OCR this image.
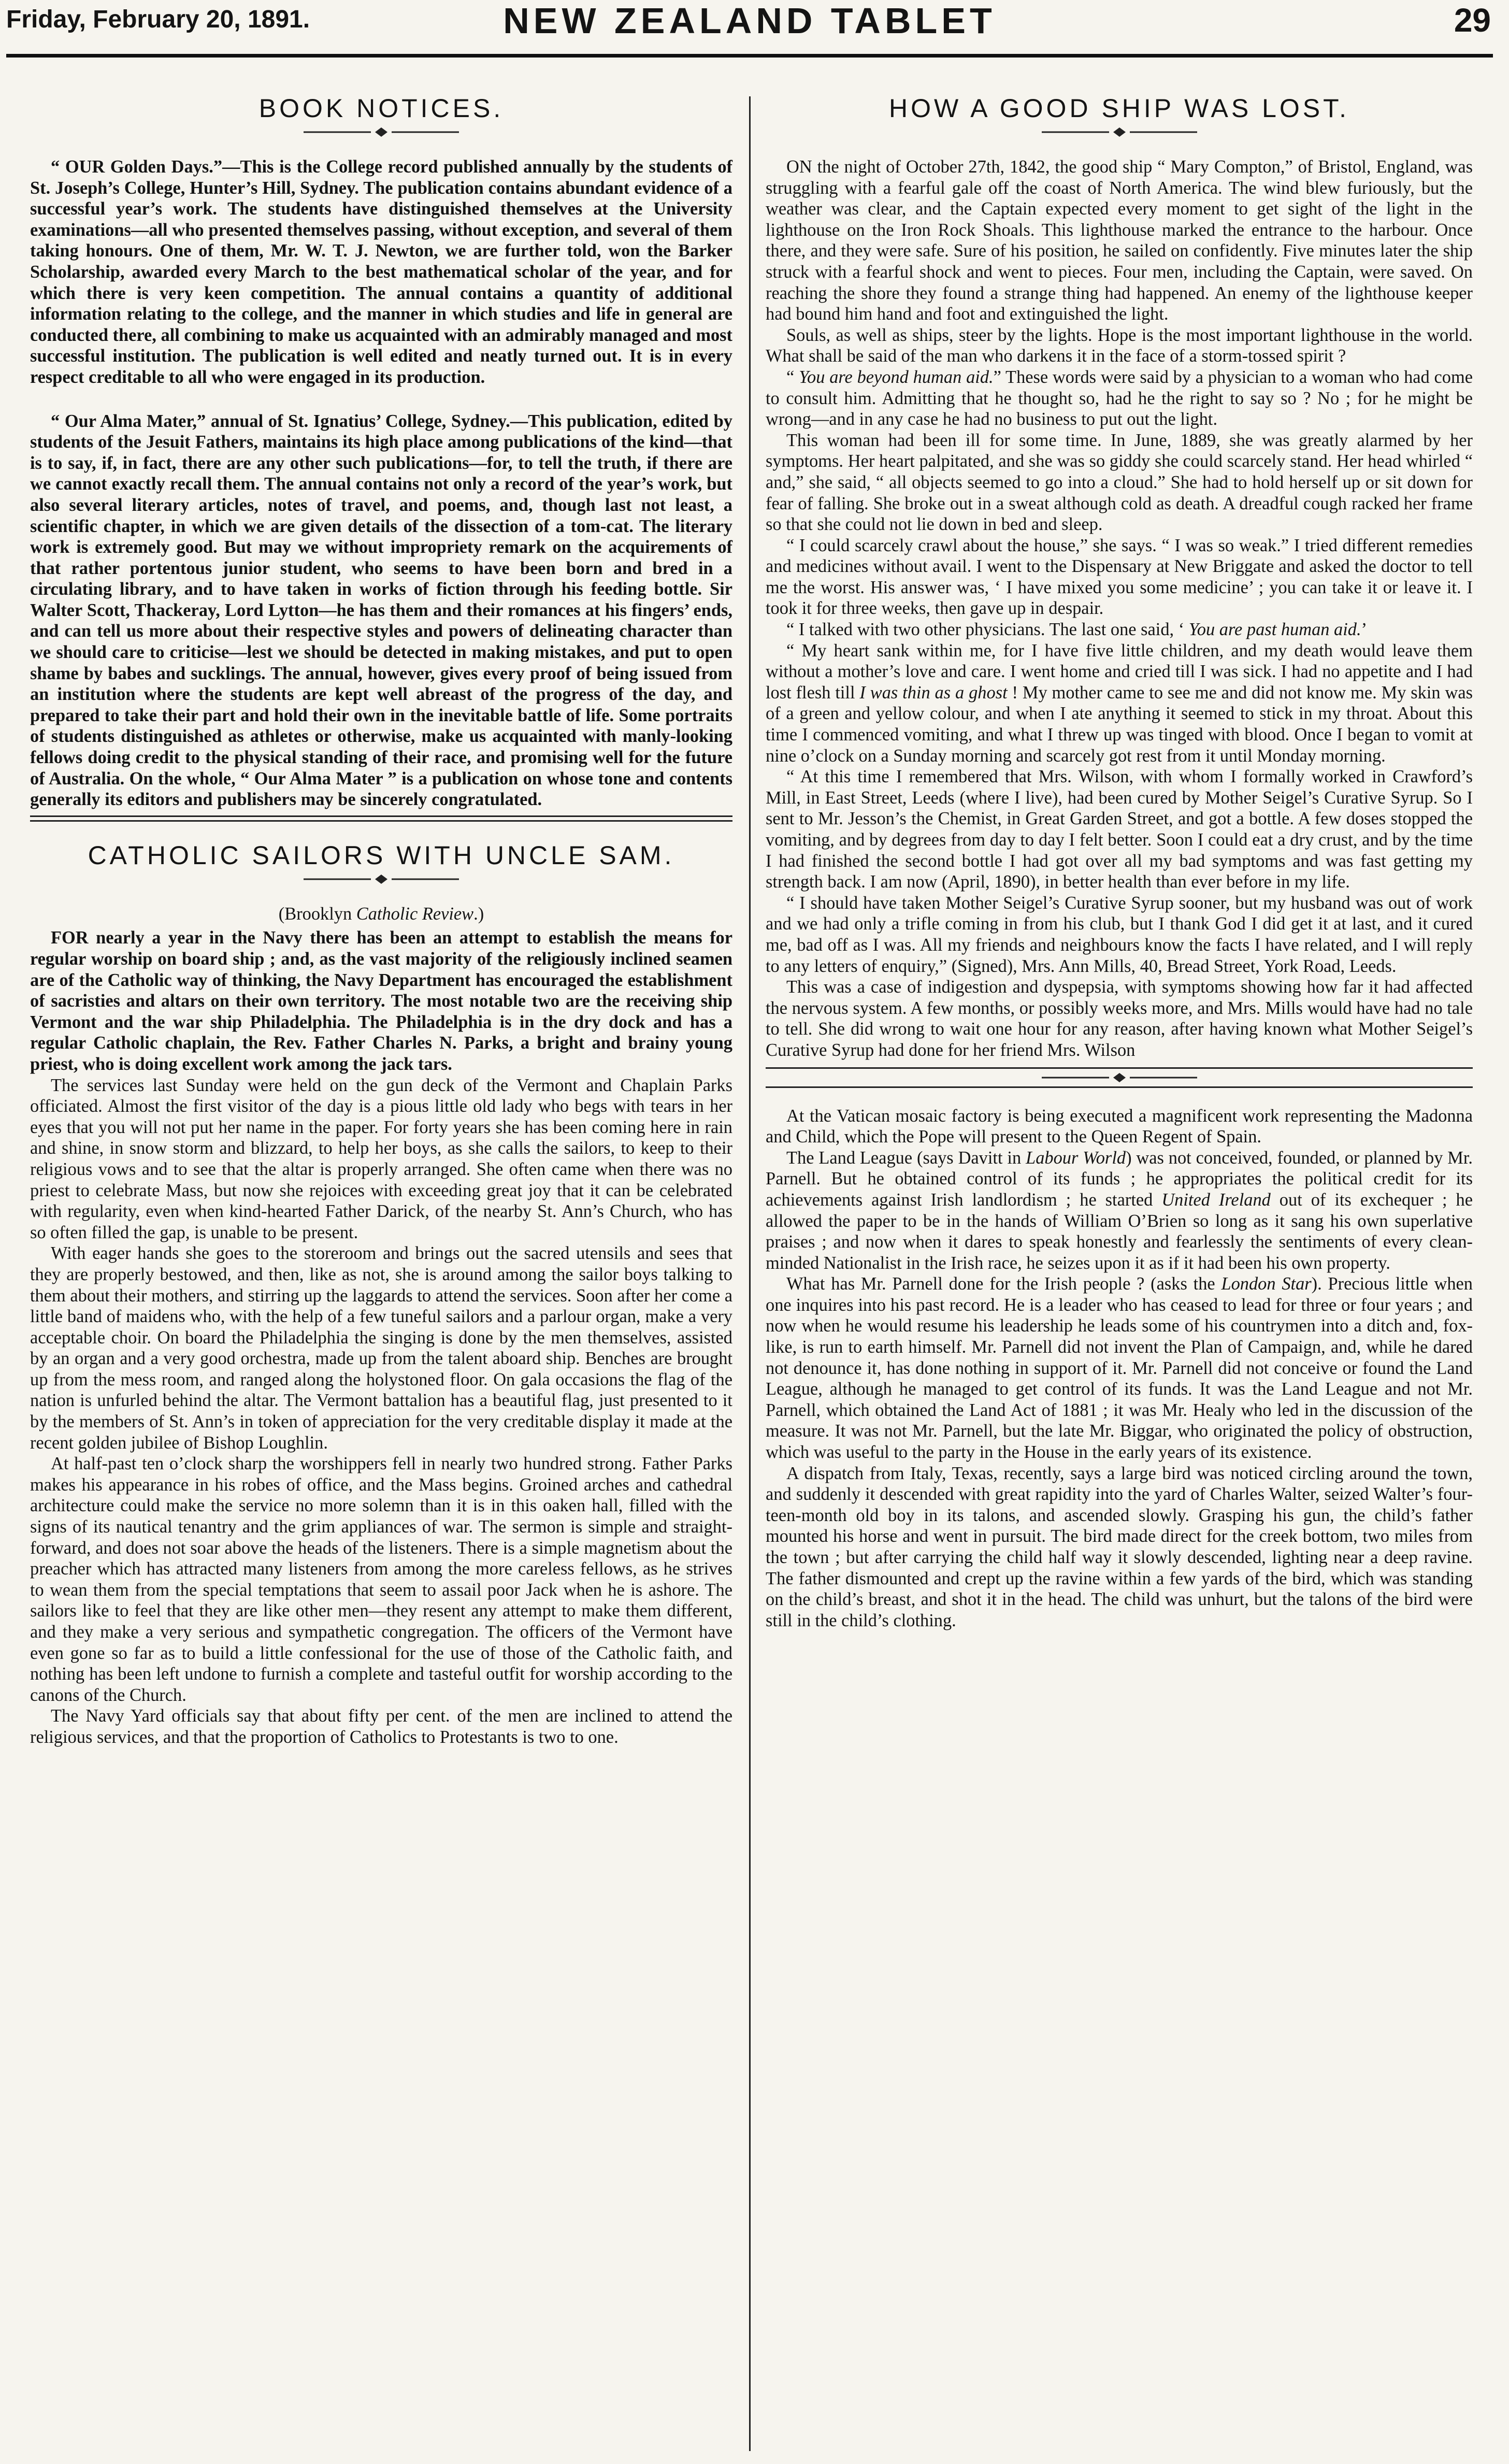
Friday, February 20, 1891.	NEW ZEALAND TABLET	29
BOOK NOTICES.

“ OUR Golden Days.”—This is the College record published annually by the students of St. Joseph’s College, Hunter’s Hill, Sydney. The publication contains abundant evidence of a successful year’s work. The students have distinguished themselves at the University examinations—all who presented themselves passing, without exception, and several of them taking honours. One of them, Mr. W. T. J. Newton, we are further told, won the Barker Scholarship, awarded every March to the best mathematical scholar of the year, and for which there is very keen competition. The annual contains a quantity of additional information relating to the college, and the manner in which studies and life in general are conducted there, all combining to make us acquainted with an admirably managed and most successful institution. The publication is well edited and neatly turned out. It is in every respect creditable to all who were engaged in its production.

“ Our Alma Mater,” annual of St. Ignatius’ College, Sydney.—This publication, edited by students of the Jesuit Fathers, maintains its high place among publications of the kind—that is to say, if, in fact, there are any other such publications—for, to tell the truth, if there are we cannot exactly recall them. The annual contains not only a record of the year’s work, but also several literary articles, notes of travel, and poems, and, though last not least, a scientific chapter, in which we are given details of the dissection of a tom-cat. The literary work is extremely good. But may we without impropriety remark on the acquirements of that rather portentous junior student, who seems to have been born and bred in a circulating library, and to have taken in works of fiction through his feeding bottle. Sir Walter Scott, Thackeray, Lord Lytton—he has them and their romances at his fingers’ ends, and can tell us more about their respective styles and powers of delineating character than we should care to criticise—lest we should be detected in making mistakes, and put to open shame by babes and sucklings. The annual, however, gives every proof of being issued from an institution where the students are kept well abreast of the progress of the day, and prepared to take their part and hold their own in the inevitable battle of life. Some portraits of students distinguished as athletes or otherwise, make us acquainted with manly-looking fellows doing credit to the physical standing of their race, and promising well for the future of Australia. On the whole, “ Our Alma Mater ” is a publication on whose tone and contents generally its editors and publishers may be sincerely congratulated.

CATHOLIC SAILORS WITH UNCLE SAM.

(Brooklyn Catholic Review.)

FOR nearly a year in the Navy there has been an attempt to establish the means for regular worship on board ship ; and, as the vast majority of the religiously inclined seamen are of the Catholic way of thinking, the Navy Department has encouraged the establishment of sacristies and altars on their own territory. The most notable two are the receiving ship Vermont and the war ship Philadelphia. The Philadelphia is in the dry dock and has a regular Catholic chaplain, the Rev. Father Charles N. Parks, a bright and brainy young priest, who is doing excellent work among the jack tars.

The services last Sunday were held on the gun deck of the Vermont and Chaplain Parks officiated. Almost the first visitor of the day is a pious little old lady who begs with tears in her eyes that you will not put her name in the paper. For forty years she has been coming here in rain and shine, in snow storm and blizzard, to help her boys, as she calls the sailors, to keep to their religious vows and to see that the altar is properly arranged. She often came when there was no priest to celebrate Mass, but now she rejoices with exceeding great joy that it can be celebrated with regularity, even when kind-hearted Father Darick, of the nearby St. Ann’s Church, who has so often filled the gap, is unable to be present.

With eager hands she goes to the storeroom and brings out the sacred utensils and sees that they are properly bestowed, and then, like as not, she is around among the sailor boys talking to them about their mothers, and stirring up the laggards to attend the services. Soon after her come a little band of maidens who, with the help of a few tuneful sailors and a parlour organ, make a very acceptable choir. On board the Philadelphia the singing is done by the men themselves, assisted by an organ and a very good orchestra, made up from the talent aboard ship. Benches are brought up from the mess room, and ranged along the holystoned floor. On gala occasions the flag of the nation is unfurled behind the altar. The Vermont battalion has a beautiful flag, just presented to it by the members of St. Ann’s in token of appreciation for the very creditable display it made at the recent golden jubilee of Bishop Loughlin.

At half-past ten o’clock sharp the worshippers fell in nearly two hundred strong. Father Parks makes his appearance in his robes of office, and the Mass begins. Groined arches and cathedral architecture could make the service no more solemn than it is in this oaken hall, filled with the signs of its nautical tenantry and the grim appliances of war. The sermon is simple and straight-forward, and does not soar above the heads of the listeners. There is a simple magnetism about the preacher which has attracted many listeners from among the more careless fellows, as he strives to wean them from the special temptations that seem to assail poor Jack when he is ashore. The sailors like to feel that they are like other men—they resent any attempt to make them different, and they make a very serious and sympathetic congregation. The officers of the Vermont have even gone so far as to build a little confessional for the use of those of the Catholic faith, and nothing has been left undone to furnish a complete and tasteful outfit for worship according to the canons of the Church.

The Navy Yard officials say that about fifty per cent. of the men are inclined to attend the religious services, and that the proportion of Catholics to Protestants is two to one.

HOW A GOOD SHIP WAS LOST.

ON the night of October 27th, 1842, the good ship “ Mary Compton,” of Bristol, England, was struggling with a fearful gale off the coast of North America. The wind blew furiously, but the weather was clear, and the Captain expected every moment to get sight of the light in the lighthouse on the Iron Rock Shoals. This lighthouse marked the entrance to the harbour. Once there, and they were safe. Sure of his position, he sailed on confidently. Five minutes later the ship struck with a fearful shock and went to pieces. Four men, including the Captain, were saved. On reaching the shore they found a strange thing had happened. An enemy of the lighthouse keeper had bound him hand and foot and extinguished the light.

Souls, as well as ships, steer by the lights. Hope is the most important lighthouse in the world. What shall be said of the man who darkens it in the face of a storm-tossed spirit ?

“ You are beyond human aid.” These words were said by a physician to a woman who had come to consult him. Admitting that he thought so, had he the right to say so ? No ; for he might be wrong—and in any case he had no business to put out the light.

This woman had been ill for some time. In June, 1889, she was greatly alarmed by her symptoms. Her heart palpitated, and she was so giddy she could scarcely stand. Her head whirled “ and,” she said, “ all objects seemed to go into a cloud.” She had to hold herself up or sit down for fear of falling. She broke out in a sweat although cold as death. A dreadful cough racked her frame so that she could not lie down in bed and sleep.

“ I could scarcely crawl about the house,” she says. “ I was so weak.” I tried different remedies and medicines without avail. I went to the Dispensary at New Briggate and asked the doctor to tell me the worst. His answer was, ‘ I have mixed you some medicine’ ; you can take it or leave it. I took it for three weeks, then gave up in despair.

“ I talked with two other physicians. The last one said, ‘ You are past human aid.’

“ My heart sank within me, for I have five little children, and my death would leave them without a mother’s love and care. I went home and cried till I was sick. I had no appetite and I had lost flesh till I was thin as a ghost ! My mother came to see me and did not know me. My skin was of a green and yellow colour, and when I ate anything it seemed to stick in my throat. About this time I commenced vomiting, and what I threw up was tinged with blood. Once I began to vomit at nine o’clock on a Sunday morning and scarcely got rest from it until Monday morning.

“ At this time I remembered that Mrs. Wilson, with whom I formally worked in Crawford’s Mill, in East Street, Leeds (where I live), had been cured by Mother Seigel’s Curative Syrup. So I sent to Mr. Jesson’s the Chemist, in Great Garden Street, and got a bottle. A few doses stopped the vomiting, and by degrees from day to day I felt better. Soon I could eat a dry crust, and by the time I had finished the second bottle I had got over all my bad symptoms and was fast getting my strength back. I am now (April, 1890), in better health than ever before in my life.

“ I should have taken Mother Seigel’s Curative Syrup sooner, but my husband was out of work and we had only a trifle coming in from his club, but I thank God I did get it at last, and it cured me, bad off as I was. All my friends and neighbours know the facts I have related, and I will reply to any letters of enquiry,” (Signed), Mrs. Ann Mills, 40, Bread Street, York Road, Leeds.

This was a case of indigestion and dyspepsia, with symptoms showing how far it had affected the nervous system. A few months, or possibly weeks more, and Mrs. Mills would have had no tale to tell. She did wrong to wait one hour for any reason, after having known what Mother Seigel’s Curative Syrup had done for her friend Mrs. Wilson

At the Vatican mosaic factory is being executed a magnificent work representing the Madonna and Child, which the Pope will present to the Queen Regent of Spain.

The Land League (says Davitt in Labour World) was not conceived, founded, or planned by Mr. Parnell. But he obtained control of its funds ; he appropriates the political credit for its achievements against Irish landlordism ; he started United Ireland out of its exchequer ; he allowed the paper to be in the hands of William O’Brien so long as it sang his own superlative praises ; and now when it dares to speak honestly and fearlessly the sentiments of every clean-minded Nationalist in the Irish race, he seizes upon it as if it had been his own property.

What has Mr. Parnell done for the Irish people ? (asks the London Star). Precious little when one inquires into his past record. He is a leader who has ceased to lead for three or four years ; and now when he would resume his leadership he leads some of his countrymen into a ditch and, fox-like, is run to earth himself. Mr. Parnell did not invent the Plan of Campaign, and, while he dared not denounce it, has done nothing in support of it. Mr. Parnell did not conceive or found the Land League, although he managed to get control of its funds. It was the Land League and not Mr. Parnell, which obtained the Land Act of 1881 ; it was Mr. Healy who led in the discussion of the measure. It was not Mr. Parnell, but the late Mr. Biggar, who originated the policy of obstruction, which was useful to the party in the House in the early years of its existence.

A dispatch from Italy, Texas, recently, says a large bird was noticed circling around the town, and suddenly it descended with great rapidity into the yard of Charles Walter, seized Walter’s four-teen-month old boy in its talons, and ascended slowly. Grasping his gun, the child’s father mounted his horse and went in pursuit. The bird made direct for the creek bottom, two miles from the town ; but after carrying the child half way it slowly descended, lighting near a deep ravine. The father dismounted and crept up the ravine within a few yards of the bird, which was standing on the child’s breast, and shot it in the head. The child was unhurt, but the talons of the bird were still in the child’s clothing.
